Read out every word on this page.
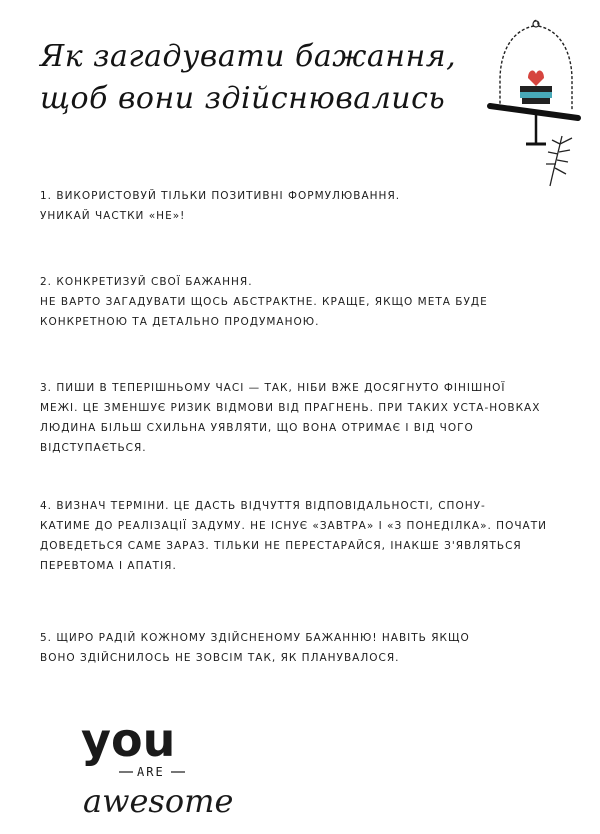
Як загадувати бажання,
щоб вони здійснювались

1. ВИКОРИСТОВУЙ ТІЛЬКИ ПОЗИТИВНІ ФОРМУЛЮВАННЯ.

УНИКАЙ ЧАСТКИ «НЕ»!

2. КОНКРЕТИЗУЙ СВОЇ БАЖАННЯ.

НЕ ВАРТО ЗАГАДУВАТИ ЩОСЬ АБСТРАКТНЕ. КРАЩЕ, ЯКЩО МЕТА БУДЕ КОНКРЕТНОЮ ТА ДЕТАЛЬНО ПРОДУМАНОЮ.

3. ПИШИ В ТЕПЕРІШНЬОМУ ЧАСІ — ТАК, НІБИ ВЖЕ ДОСЯГНУТО ФІНІШНОЇ

МЕЖІ. ЦЕ ЗМЕНШУЄ РИЗИК ВІДМОВИ ВІД ПРАГНЕНЬ. ПРИ ТАКИХ УСТА-НОВКАХ ЛЮДИНА БІЛЬШ СХИЛЬНА УЯВЛЯТИ, ЩО ВОНА ОТРИМАЄ І ВІД ЧОГО ВІДСТУПАЄТЬСЯ.

4. ВИЗНАЧ ТЕРМІНИ. ЦЕ ДАСТЬ ВІДЧУТТЯ ВІДПОВІДАЛЬНОСТІ, СПОНУ-

КАТИМЕ ДО РЕАЛІЗАЦІЇ ЗАДУМУ. НЕ ІСНУЄ «ЗАВТРА» І «З ПОНЕДІЛКА». ПОЧАТИ ДОВЕДЕТЬСЯ САМЕ ЗАРАЗ. ТІЛЬКИ НЕ ПЕРЕСТАРАЙСЯ, ІНАКШЕ З'ЯВЛЯТЬСЯ ПЕРЕВТОМА І АПАТІЯ.

5. ЩИРО РАДІЙ КОЖНОМУ ЗДІЙСНЕНОМУ БАЖАННЮ! НАВІТЬ ЯКЩО

ВОНО ЗДІЙСНИЛОСЬ НЕ ЗОВСІМ ТАК, ЯК ПЛАНУВАЛОСЯ.

you
ARE
awesome
